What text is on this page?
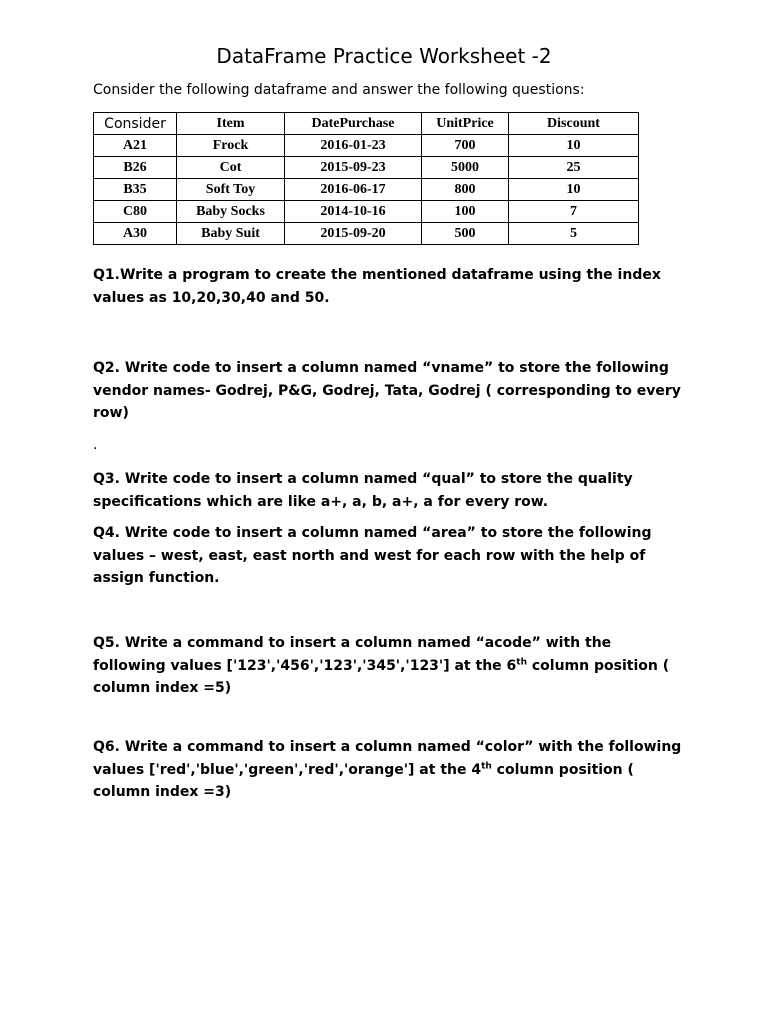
DataFrame Practice Worksheet -2
Consider the following dataframe and answer the following questions:
Consider	Item	DatePurchase	UnitPrice	Discount
A21	Frock	2016-01-23	700	10
B26	Cot	2015-09-23	5000	25
B35	Soft Toy	2016-06-17	800	10
C80	Baby Socks	2014-10-16	100	7
A30	Baby Suit	2015-09-20	500	5
Q1.Write a program to create the mentioned dataframe using the index values as 10,20,30,40 and 50.
Q2. Write code to insert a column named “vname” to store the following vendor names- Godrej, P&G, Godrej, Tata, Godrej ( corresponding to every row)
.
Q3. Write code to insert a column named “qual” to store the quality specifications which are like a+, a, b, a+, a for every row.
Q4. Write code to insert a column named “area” to store the following values – west, east, east north and west for each row with the help of assign function.
Q5. Write a command to insert a column named “acode” with the following values ['123','456','123','345','123'] at the 6th column position ( column index =5)
Q6. Write a command to insert a column named “color” with the following values ['red','blue','green','red','orange'] at the 4th column position ( column index =3)
